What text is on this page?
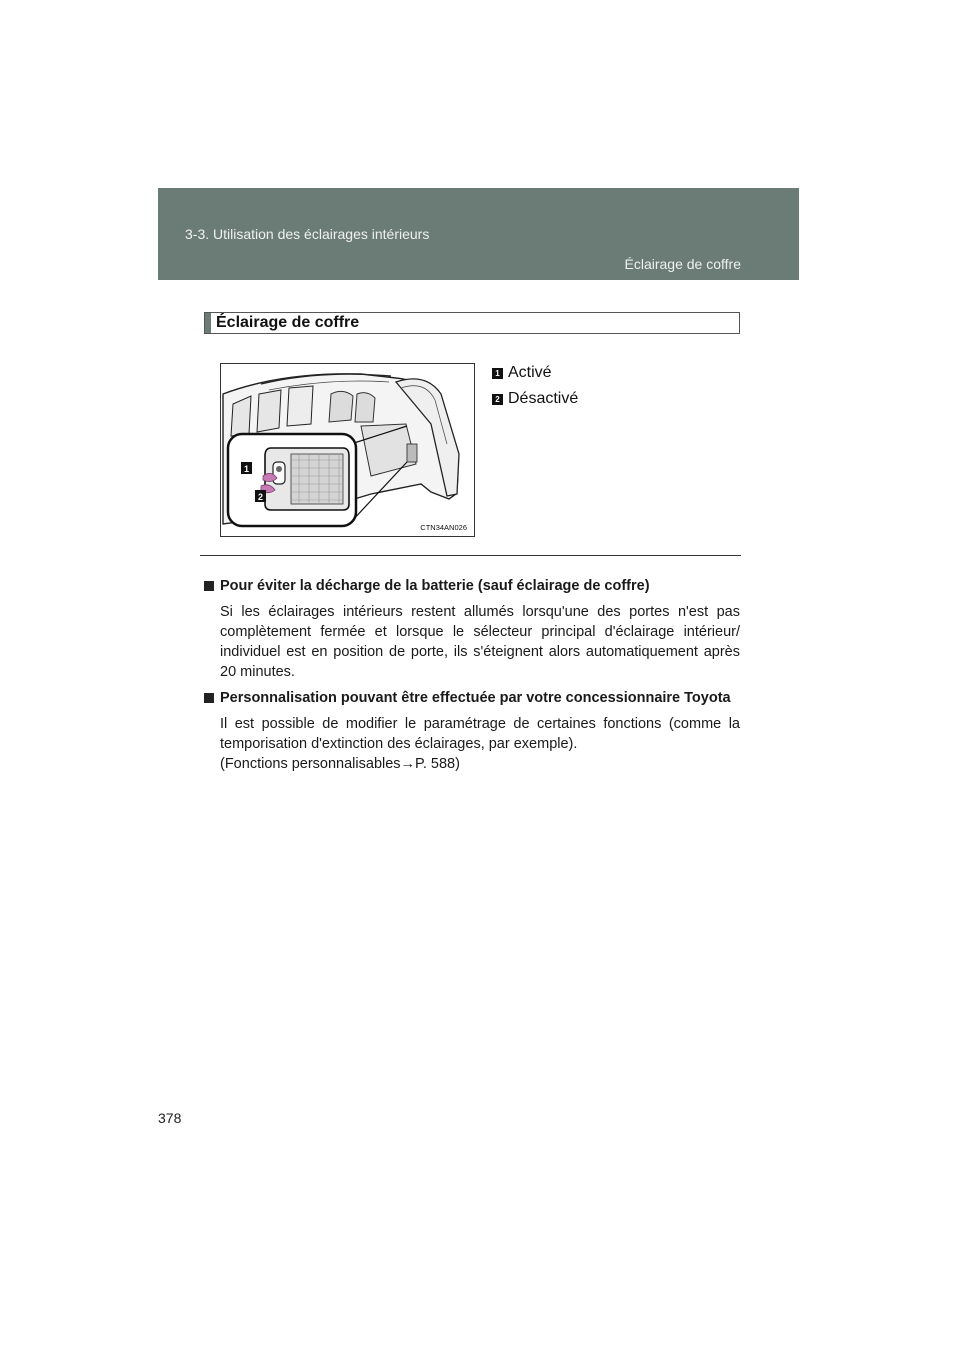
3-3. Utilisation des éclairages intérieurs
Éclairage de coffre
Éclairage de coffre
1
2
CTN34AN026
1 Activé
2 Désactivé
Pour éviter la décharge de la batterie (sauf éclairage de coffre)
Si les éclairages intérieurs restent allumés lorsqu'une des portes n'est pas complètement fermée et lorsque le sélecteur principal d'éclairage intérieur/ individuel est en position de porte, ils s'éteignent alors automatiquement après 20 minutes.
Personnalisation pouvant être effectuée par votre concessionnaire Toyota
Il est possible de modifier le paramétrage de certaines fonctions (comme la temporisation d'extinction des éclairages, par exemple).
(Fonctions personnalisables→P. 588)
378
